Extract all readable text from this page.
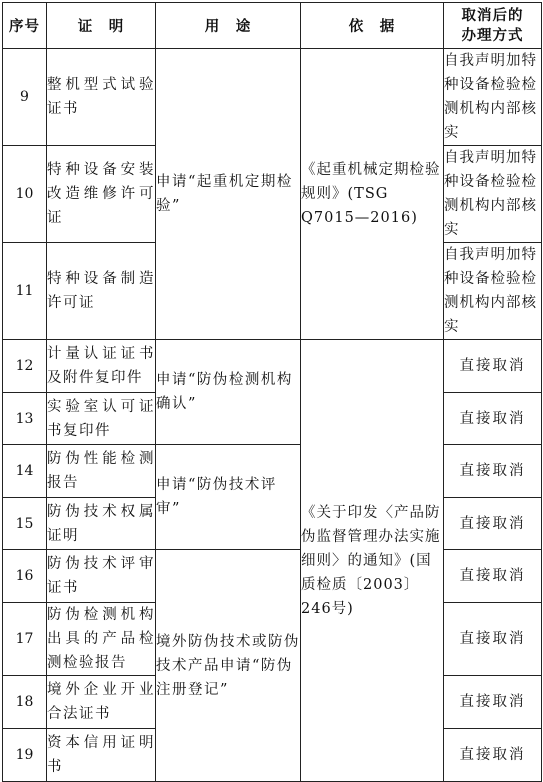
序号	证　明	用　途	依　据	取消后的
办理方式

9	整机型式试验证书	申请“起重机定期检验”	《起重机械定期检验规则》(TSG Q7015—2016)	自我声明加特种设备检验检测机构内部核实
10	特种设备安装改造维修许可证			自我声明加特种设备检验检测机构内部核实
11	特种设备制造许可证			自我声明加特种设备检验检测机构内部核实
12	计量认证证书及附件复印件	申请“防伪检测机构确认”	《关于印发〈产品防伪监督管理办法实施细则〉的通知》(国质检质〔2003〕246号)	直接取消
13	实验室认可证书复印件			直接取消
14	防伪性能检测报告	申请“防伪技术评审”		直接取消
15	防伪技术权属证明			直接取消
16	防伪技术评审证书	境外防伪技术或防伪技术产品申请“防伪注册登记”		直接取消
17	防伪检测机构出具的产品检测检验报告			直接取消
18	境外企业开业合法证书			直接取消
19	资本信用证明书			直接取消
